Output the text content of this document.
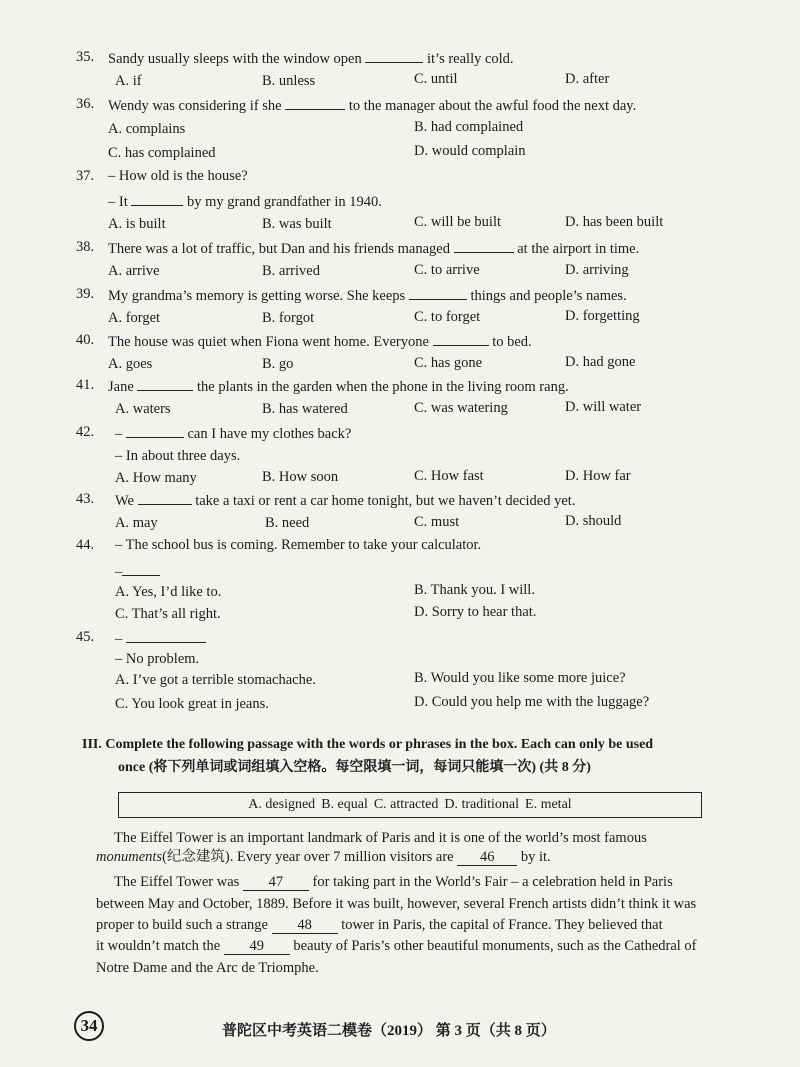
35. Sandy usually sleeps with the window open	it’s really cold.
A. if	B. unless	C. until	D. after
36. Wendy was considering if she	to the manager about the awful food the next day.
A. complains	B. had complained
C. has complained	D. would complain
37. – How old is the house?
– It	by my grand grandfather in 1940.
A. is built	B. was built	C. will be built	D. has been built
38. There was a lot of traffic, but Dan and his friends managed	at the airport in time.
A. arrive	B. arrived	C. to arrive	D. arriving
39. My grandma’s memory is getting worse. She keeps	things and people’s names.
A. forget	B. forgot	C. to forget	D. forgetting
40. The house was quiet when Fiona went home. Everyone	to bed.
A. goes	B. go	C. has gone	D. had gone
41. Jane	the plants in the garden when the phone in the living room rang.
A. waters	B. has watered	C. was watering	D. will water
42. –	can I have my clothes back?
– In about three days.
A. How many	B. How soon	C. How fast	D. How far
43. We	take a taxi or rent a car home tonight, but we haven’t decided yet.
A. may	B. need	C. must	D. should
44. – The school bus is coming. Remember to take your calculator.
–
A. Yes, I’d like to.	B. Thank you. I will.
C. That’s all right.	D. Sorry to hear that.
45. –
– No problem.
A. I’ve got a terrible stomachache.	B. Would you like some more juice?
C. You look great in jeans.	D. Could you help me with the luggage?
III. Complete the following passage with the words or phrases in the box. Each can only be used
once (将下列单词或词组填入空格。每空限填一词，每词只能填一次) (共 8 分)
A. designed B. equal C. attracted D. traditional E. metal
The Eiffel Tower is an important landmark of Paris and it is one of the world’s most famous
monuments(纪念建筑). Every year over 7 million visitors are 46 by it.
The Eiffel Tower was 47 for taking part in the World’s Fair – a celebration held in Paris
between May and October, 1889. Before it was built, however, several French artists didn’t think it was
proper to build such a strange 48 tower in Paris, the capital of France. They believed that
it wouldn’t match the 49 beauty of Paris’s other beautiful monuments, such as the Cathedral of
Notre Dame and the Arc de Triomphe.
34	普陀区中考英语二模卷（2019） 第 3 页（共 8 页）
